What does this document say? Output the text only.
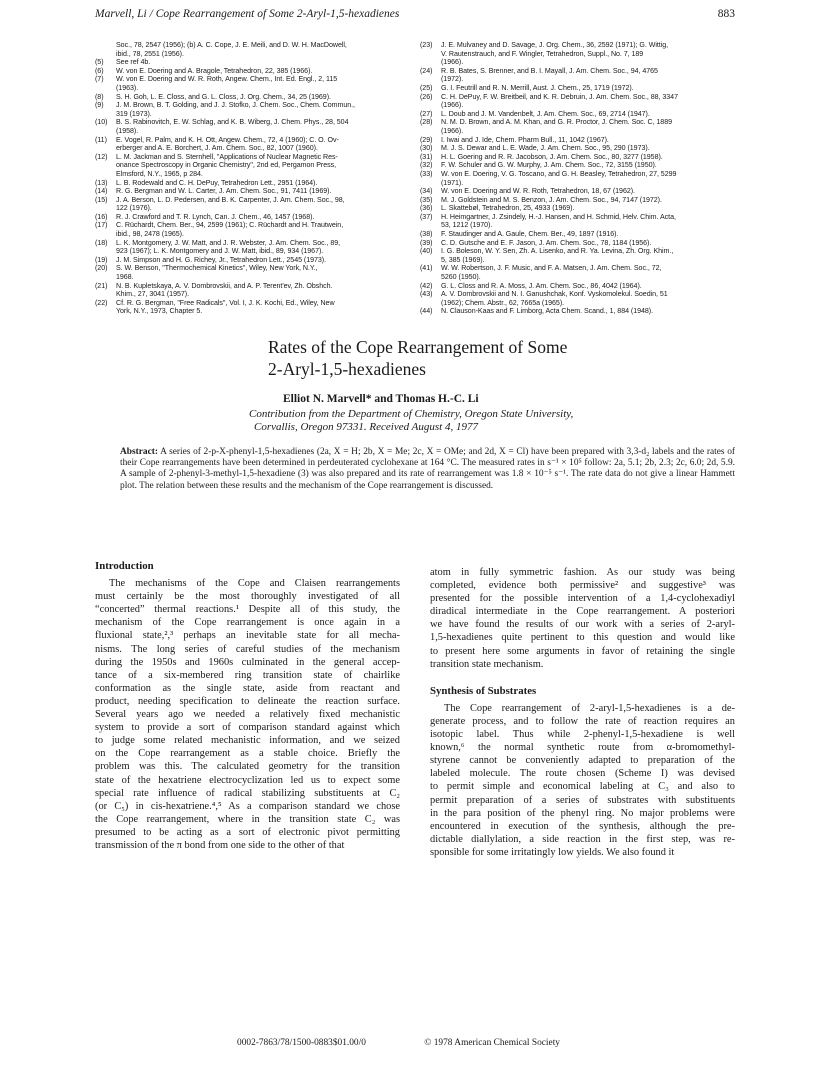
Marvell, Li / Cope Rearrangement of Some 2-Aryl-1,5-hexadienes	883
Soc., 78, 2547 (1956); (b) A. C. Cope, J. E. Meili, and D. W. H. MacDowell,
ibid., 78, 2551 (1956).
(5) See ref 4b.
(6) W. von E. Doering and A. Bragole, Tetrahedron, 22, 385 (1966).
(7) W. von E. Doering and W. R. Roth, Angew. Chem., Int. Ed. Engl., 2, 115
(1963).
(8) S. H. Goh, L. E. Closs, and G. L. Closs, J. Org. Chem., 34, 25 (1969).
(9) J. M. Brown, B. T. Golding, and J. J. Stofko, J. Chem. Soc., Chem. Commun.,
319 (1973).
(10) B. S. Rabinovitch, E. W. Schlag, and K. B. Wiberg, J. Chem. Phys., 28, 504
(1958).
(11) E. Vogel, R. Palm, and K. H. Ott, Angew. Chem., 72, 4 (1960); C. O. Ov-
erberger and A. E. Borchert, J. Am. Chem. Soc., 82, 1007 (1960).
(12) L. M. Jackman and S. Sternhell, "Applications of Nuclear Magnetic Res-
onance Spectroscopy in Organic Chemistry", 2nd ed, Pergamon Press,
Elmsford, N.Y., 1965, p 284.
(13) L. B. Rodewald and C. H. DePuy, Tetrahedron Lett., 2951 (1964).
(14) R. G. Bergman and W. L. Carter, J. Am. Chem. Soc., 91, 7411 (1969).
(15) J. A. Berson, L. D. Pedersen, and B. K. Carpenter, J. Am. Chem. Soc., 98,
122 (1976).
(16) R. J. Crawford and T. R. Lynch, Can. J. Chem., 46, 1457 (1968).
(17) C. Rüchardt, Chem. Ber., 94, 2599 (1961); C. Rüchardt and H. Trautwein,
ibid., 98, 2478 (1965).
(18) L. K. Montgomery, J. W. Matt, and J. R. Webster, J. Am. Chem. Soc., 89,
923 (1967); L. K. Montgomery and J. W. Matt, ibid., 89, 934 (1967).
(19) J. M. Simpson and H. G. Richey, Jr., Tetrahedron Lett., 2545 (1973).
(20) S. W. Benson, "Thermochemical Kinetics", Wiley, New York, N.Y.,
1968.
(21) N. B. Kupletskaya, A. V. Dombrovskii, and A. P. Terent'ev, Zh. Obshch.
Khim., 27, 3041 (1957).
(22) Cf. R. G. Bergman, "Free Radicals", Vol. I, J. K. Kochi, Ed., Wiley, New
York, N.Y., 1973, Chapter 5.
(23) J. E. Mulvaney and D. Savage, J. Org. Chem., 36, 2592 (1971); G. Wittig,
V. Rautenstrauch, and F. Wingler, Tetrahedron, Suppl., No. 7, 189
(1966).
(24) R. B. Bates, S. Brenner, and B. I. Mayall, J. Am. Chem. Soc., 94, 4765
(1972).
(25) G. I. Feutrill and R. N. Merrill, Aust. J. Chem., 25, 1719 (1972).
(26) C. H. DePuy, F. W. Breitbeil, and K. R. Debruin, J. Am. Chem. Soc., 88, 3347
(1966).
(27) L. Doub and J. M. Vandenbelt, J. Am. Chem. Soc., 69, 2714 (1947).
(28) N. M. D. Brown, and A. M. Khan, and G. R. Proctor, J. Chem. Soc. C, 1889
(1966).
(29) I. Iwai and J. Ide, Chem. Pharm Bull., 11, 1042 (1967).
(30) M. J. S. Dewar and L. E. Wade, J. Am. Chem. Soc., 95, 290 (1973).
(31) H. L. Goering and R. R. Jacobson, J. Am. Chem. Soc., 80, 3277 (1958).
(32) F. W. Schuler and G. W. Murphy, J. Am. Chem. Soc., 72, 3155 (1950).
(33) W. von E. Doering, V. G. Toscano, and G. H. Beasley, Tetrahedron, 27, 5299
(1971).
(34) W. von E. Doering and W. R. Roth, Tetrahedron, 18, 67 (1962).
(35) M. J. Goldstein and M. S. Benzon, J. Am. Chem. Soc., 94, 7147 (1972).
(36) L. Skattebøl, Tetrahedron, 25, 4933 (1969).
(37) H. Heimgartner, J. Zsindely, H.-J. Hansen, and H. Schmid, Helv. Chim. Acta,
53, 1212 (1970).
(38) F. Staudinger and A. Gaule, Chem. Ber., 49, 1897 (1916).
(39) C. D. Gutsche and E. F. Jason, J. Am. Chem. Soc., 78, 1184 (1956).
(40) I. G. Boleson, W. Y. Sen, Zh. A. Lisenko, and R. Ya. Levina, Zh. Org. Khim.,
5, 385 (1969).
(41) W. W. Robertson, J. F. Music, and F. A. Matsen, J. Am. Chem. Soc., 72,
5260 (1950).
(42) G. L. Closs and R. A. Moss, J. Am. Chem. Soc., 86, 4042 (1964).
(43) A. V. Dombrovskii and N. I. Ganushchak, Konf. Vyskomolekul. Soedin, 51
(1962); Chem. Abstr., 62, 7665a (1965).
(44) N. Clauson-Kaas and F. Limborg, Acta Chem. Scand., 1, 884 (1948).
Rates of the Cope Rearrangement of Some
2-Aryl-1,5-hexadienes
Elliot N. Marvell* and Thomas H.-C. Li
Contribution from the Department of Chemistry, Oregon State University,
Corvallis, Oregon 97331. Received August 4, 1977
Abstract: A series of 2-p-X-phenyl-1,5-hexadienes (2a, X = H; 2b, X = Me; 2c, X = OMe; and 2d, X = Cl) have been prepared with 3,3-d₂ labels and the rates of their Cope rearrangements have been determined in perdeuterated cyclohexane at 164 °C. The measured rates in s⁻¹ × 10⁵ follow: 2a, 5.1; 2b, 2.3; 2c, 6.0; 2d, 5.9. A sample of 2-phenyl-3-methyl-1,5-hexadiene (3) was also prepared and its rate of rearrangement was 1.8 × 10⁻⁵ s⁻¹. The rate data do not give a linear Hammett plot. The relation between these results and the mechanism of the Cope rearrangement is discussed.
Introduction
The mechanisms of the Cope and Claisen rearrangements
must certainly be the most thoroughly investigated of all
“concerted” thermal reactions.¹ Despite all of this study, the
mechanism of the Cope rearrangement is once again in a
fluxional state,²,³ perhaps an inevitable state for all mecha-
nisms. The long series of careful studies of the mechanism
during the 1950s and 1960s culminated in the general accep-
tance of a six-membered ring transition state of chairlike
conformation as the single state, aside from reactant and
product, needing specification to delineate the reaction surface.
Several years ago we needed a relatively fixed mechanistic
system to provide a sort of comparison standard against which
to judge some related mechanistic information, and we seized
on the Cope rearrangement as a stable choice. Briefly the
problem was this. The calculated geometry for the transition
state of the hexatriene electrocyclization led us to expect some
special rate influence of radical stabilizing substituents at C₂
(or C₅) in cis-hexatriene.⁴,⁵ As a comparison standard we chose
the Cope rearrangement, where in the transition state C₂ was
presumed to be acting as a sort of electronic pivot permitting
transmission of the π bond from one side to the other of that
atom in fully symmetric fashion. As our study was being
completed, evidence both permissive² and suggestive³ was
presented for the possible intervention of a 1,4-cyclohexadiyl
diradical intermediate in the Cope rearrangement. A posteriori
we have found the results of our work with a series of 2-aryl-
1,5-hexadienes quite pertinent to this question and would like
to present here some arguments in favor of retaining the single
transition state mechanism.
Synthesis of Substrates
The Cope rearrangement of 2-aryl-1,5-hexadienes is a de-
generate process, and to follow the rate of reaction requires an
isotopic label. Thus while 2-phenyl-1,5-hexadiene is well
known,⁶ the normal synthetic route from α-bromomethyl-
styrene cannot be conveniently adapted to preparation of the
labeled molecule. The route chosen (Scheme I) was devised
to permit simple and economical labeling at C₃ and also to
permit preparation of a series of substrates with substituents
in the para position of the phenyl ring. No major problems were
encountered in execution of the synthesis, although the pre-
dictable diallylation, a side reaction in the first step, was re-
sponsible for some irritatingly low yields. We also found it
0002-7863/78/1500-0883$01.00/0	© 1978 American Chemical Society
